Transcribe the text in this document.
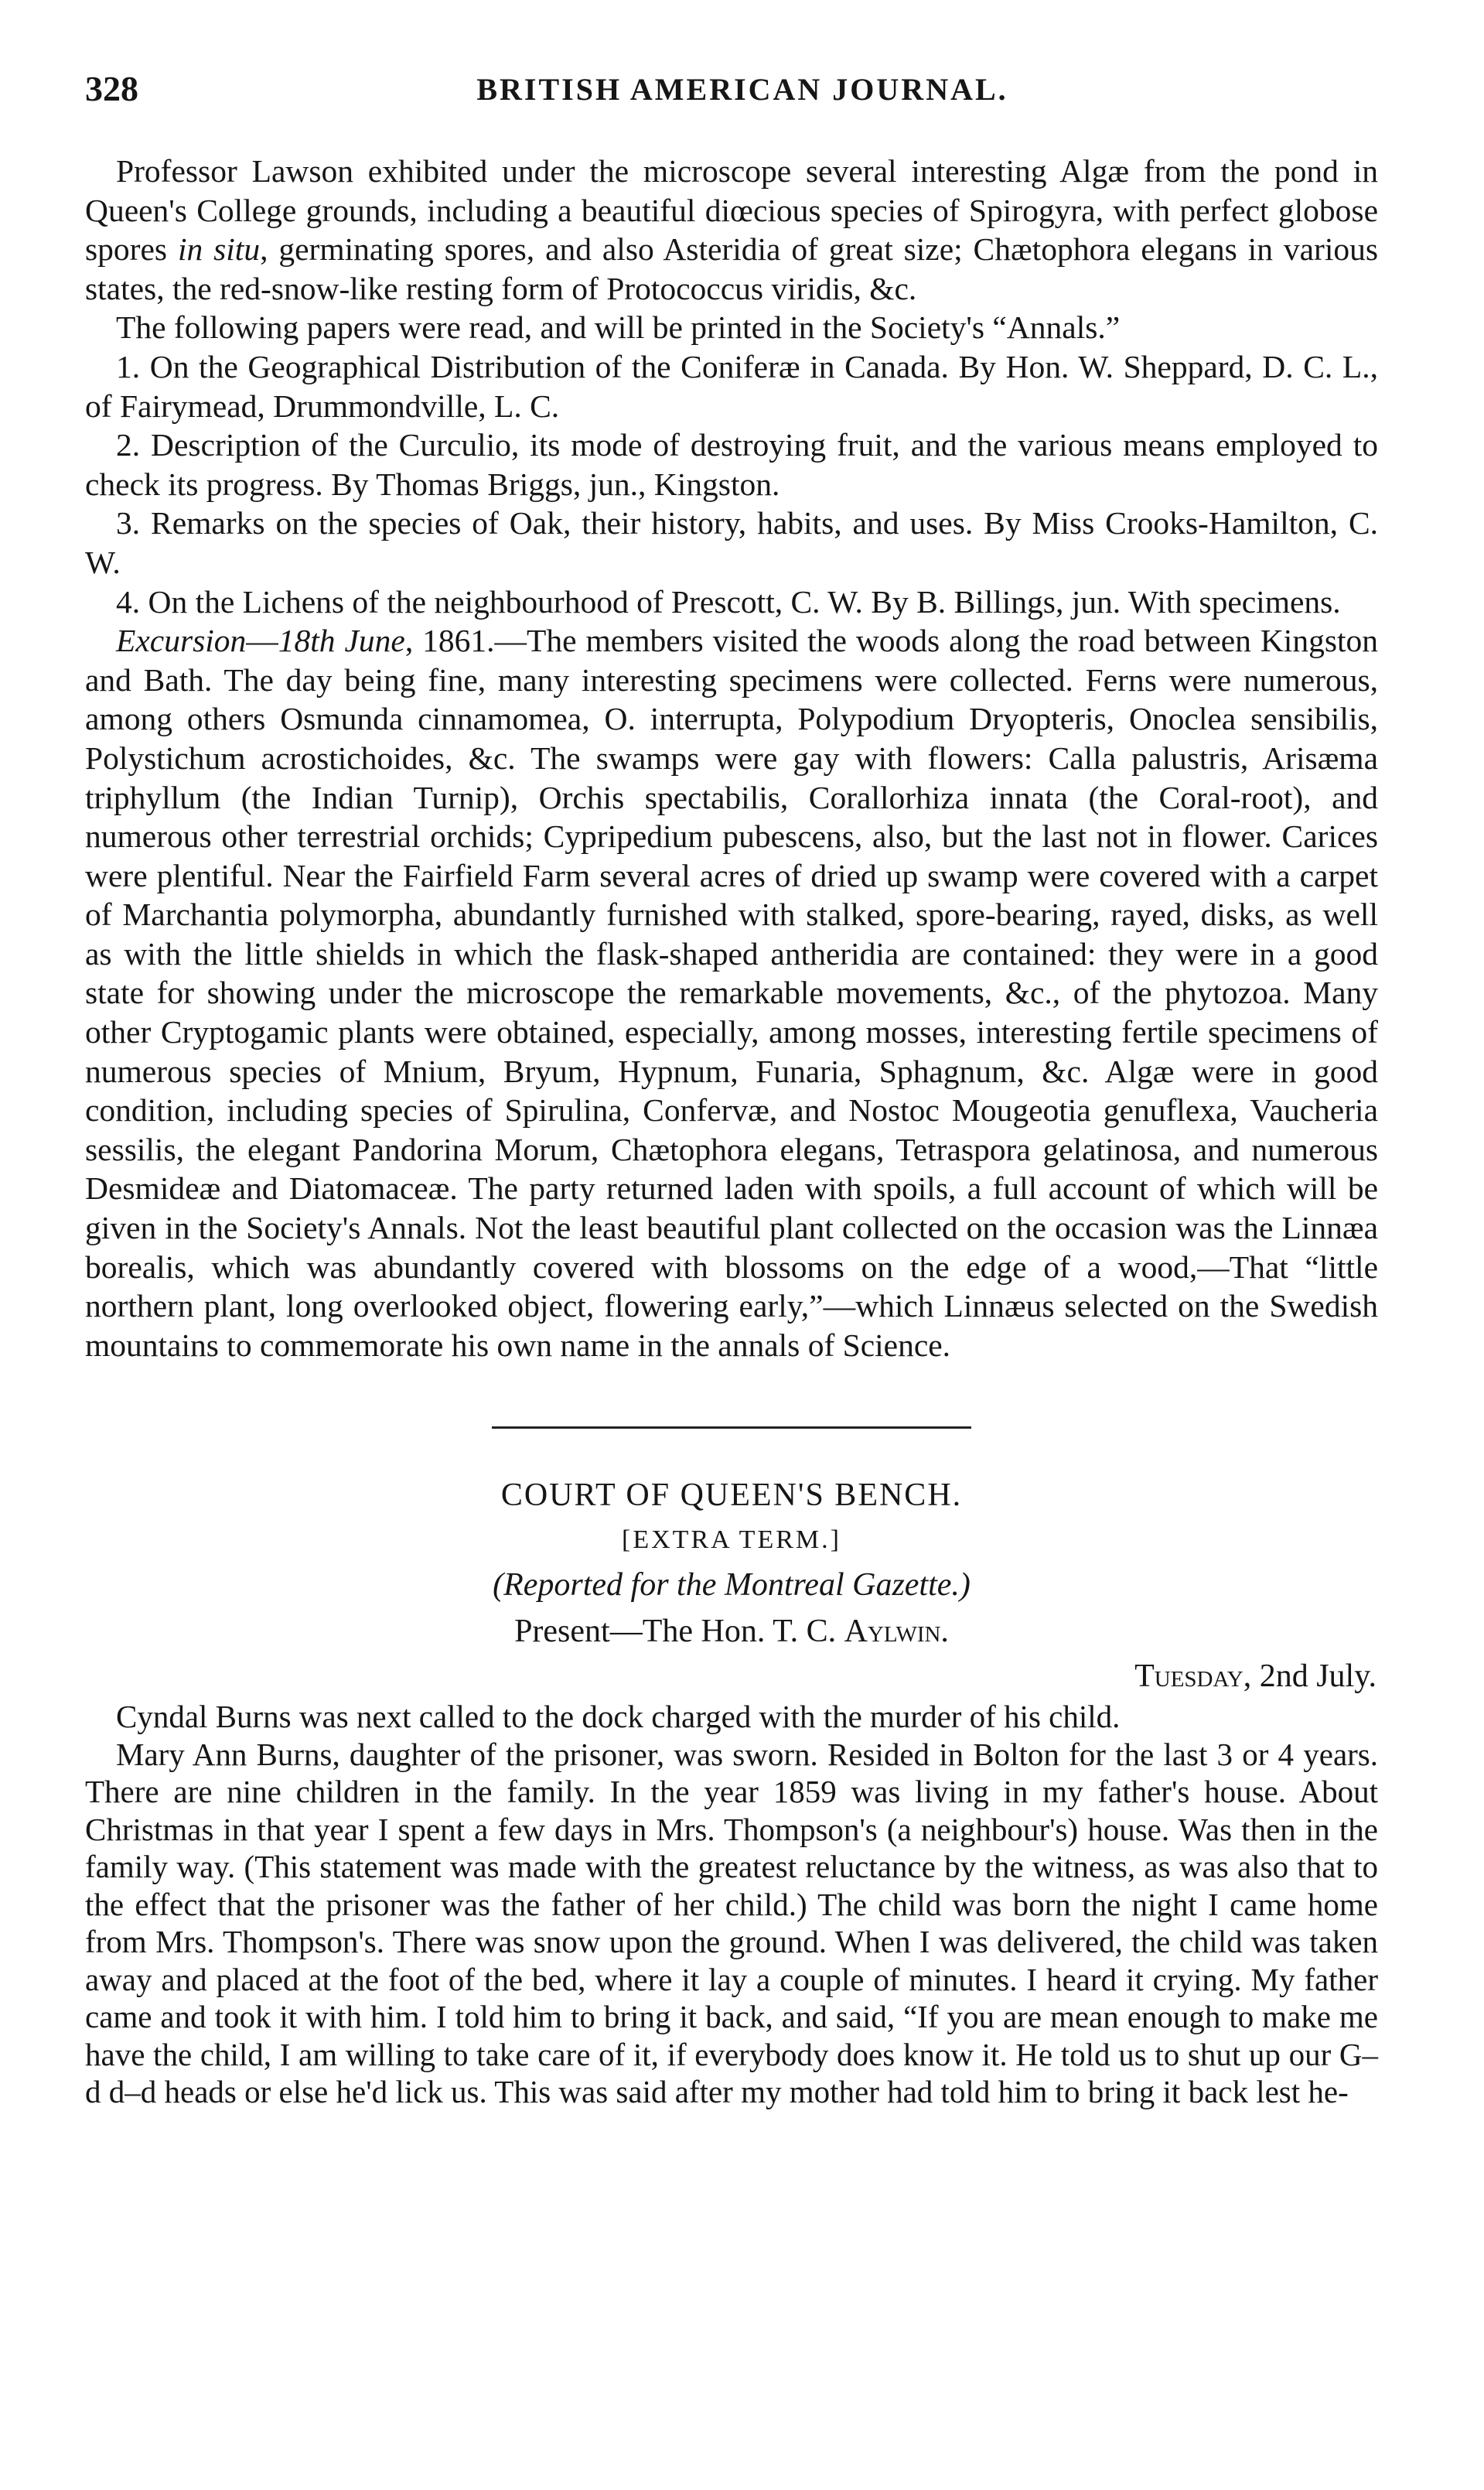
328	BRITISH AMERICAN JOURNAL.

Professor Lawson exhibited under the microscope several interesting Algæ from the pond in Queen's College grounds, including a beautiful diœcious species of Spirogyra, with perfect globose spores in situ, germinating spores, and also Asteridia of great size; Chætophora elegans in various states, the red-snow-like resting form of Protococcus viridis, &c.

The following papers were read, and will be printed in the Society's “Annals.”

1. On the Geographical Distribution of the Coniferæ in Canada. By Hon. W. Sheppard, D. C. L., of Fairymead, Drummondville, L. C.

2. Description of the Curculio, its mode of destroying fruit, and the various means employed to check its progress. By Thomas Briggs, jun., Kingston.

3. Remarks on the species of Oak, their history, habits, and uses. By Miss Crooks-Hamilton, C. W.

4. On the Lichens of the neighbourhood of Prescott, C. W. By B. Billings, jun. With specimens.

Excursion—18th June, 1861.—The members visited the woods along the road between Kingston and Bath. The day being fine, many interesting specimens were collected. Ferns were numerous, among others Osmunda cinnamomea, O. interrupta, Polypodium Dryopteris, Onoclea sensibilis, Polystichum acrostichoides, &c. The swamps were gay with flowers: Calla palustris, Arisæma triphyllum (the Indian Turnip), Orchis spectabilis, Corallorhiza innata (the Coral-root), and numerous other terrestrial orchids; Cypripedium pubescens, also, but the last not in flower. Carices were plentiful. Near the Fairfield Farm several acres of dried up swamp were covered with a carpet of Marchantia polymorpha, abundantly furnished with stalked, spore-bearing, rayed, disks, as well as with the little shields in which the flask-shaped antheridia are contained: they were in a good state for showing under the microscope the remarkable movements, &c., of the phytozoa. Many other Cryptogamic plants were obtained, especially, among mosses, interesting fertile specimens of numerous species of Mnium, Bryum, Hypnum, Funaria, Sphagnum, &c. Algæ were in good condition, including species of Spirulina, Confervæ, and Nostoc Mougeotia genuflexa, Vaucheria sessilis, the elegant Pandorina Morum, Chætophora elegans, Tetraspora gelatinosa, and numerous Desmideæ and Diatomaceæ. The party returned laden with spoils, a full account of which will be given in the Society's Annals. Not the least beautiful plant collected on the occasion was the Linnæa borealis, which was abundantly covered with blossoms on the edge of a wood,—That “little northern plant, long overlooked object, flowering early,”—which Linnæus selected on the Swedish mountains to commemorate his own name in the annals of Science.

COURT OF QUEEN'S BENCH.
[EXTRA TERM.]
(Reported for the Montreal Gazette.)
Present—The Hon. T. C. Aylwin.
Tuesday, 2nd July.

Cyndal Burns was next called to the dock charged with the murder of his child.

Mary Ann Burns, daughter of the prisoner, was sworn. Resided in Bolton for the last 3 or 4 years. There are nine children in the family. In the year 1859 was living in my father's house. About Christmas in that year I spent a few days in Mrs. Thompson's (a neighbour's) house. Was then in the family way. (This statement was made with the greatest reluctance by the witness, as was also that to the effect that the prisoner was the father of her child.) The child was born the night I came home from Mrs. Thompson's. There was snow upon the ground. When I was delivered, the child was taken away and placed at the foot of the bed, where it lay a couple of minutes. I heard it crying. My father came and took it with him. I told him to bring it back, and said, “If you are mean enough to make me have the child, I am willing to take care of it, if everybody does know it. He told us to shut up our G–d d–d heads or else he'd lick us. This was said after my mother had told him to bring it back lest he-
